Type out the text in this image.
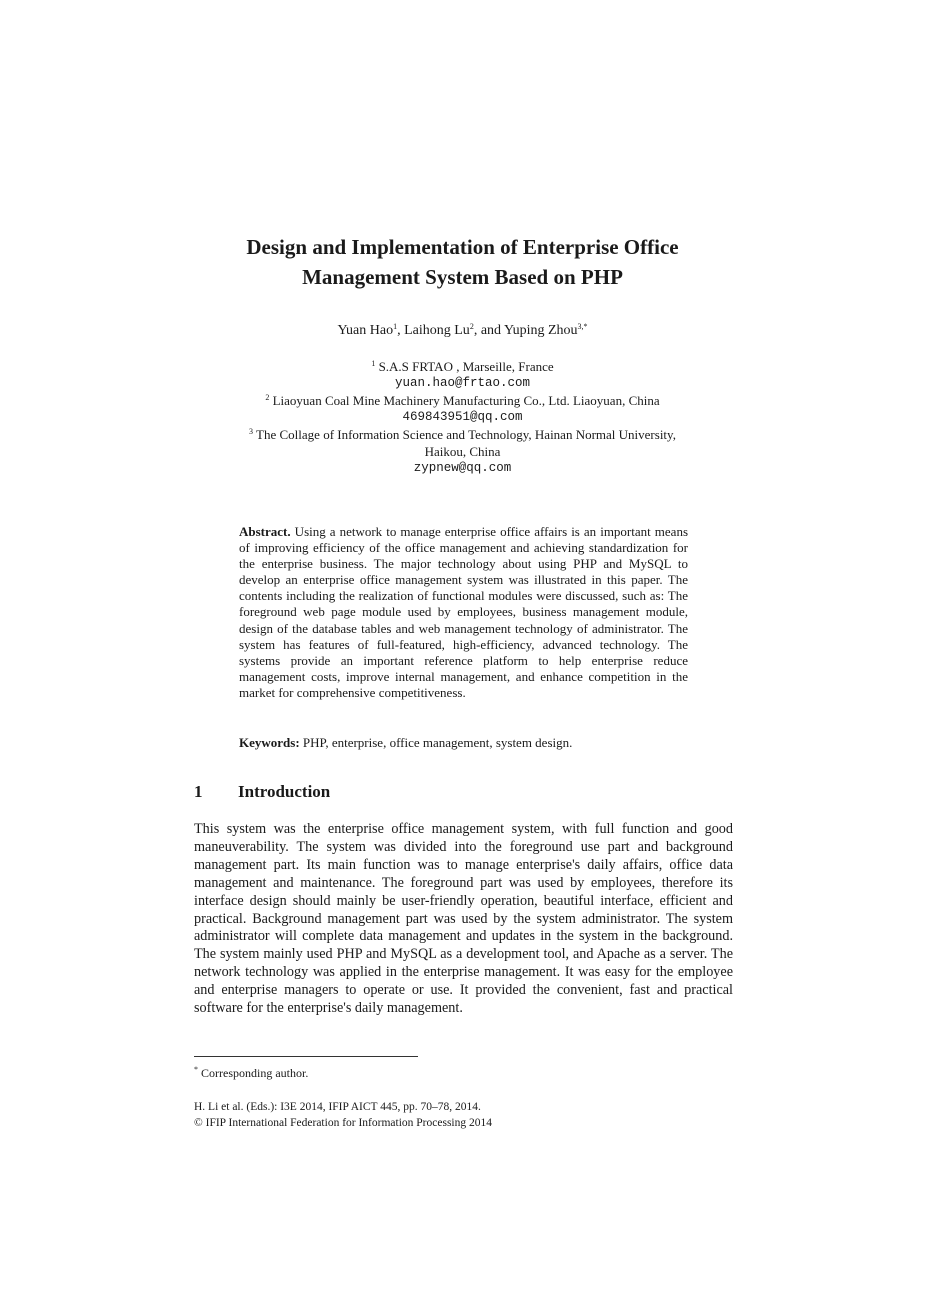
Design and Implementation of Enterprise Office
Management System Based on PHP
Yuan Hao$^1$, Laihong Lu$^2$, and Yuping Zhou$^{3,*}$
$^1$ S.A.S FRTAO , Marseille, France
yuan.hao@frtao.com
$^2$ Liaoyuan Coal Mine Machinery Manufacturing Co., Ltd. Liaoyuan, China
469843951@qq.com
$^3$ The Collage of Information Science and Technology, Hainan Normal University,
Haikou, China
zypnew@qq.com

Abstract. Using a network to manage enterprise office affairs is an important means of improving efficiency of the office management and achieving standardization for the enterprise business. The major technology about using PHP and MySQL to develop an enterprise office management system was illustrated in this paper. The contents including the realization of functional modules were discussed, such as: The foreground web page module used by employees, business management module, design of the database tables and web management technology of administrator. The system has features of full-featured, high-efficiency, advanced technology. The systems provide an important reference platform to help enterprise reduce management costs, improve internal management, and enhance competition in the market for comprehensive competitiveness.

Keywords: PHP, enterprise, office management, system design.

1 Introduction

This system was the enterprise office management system, with full function and good maneuverability. The system was divided into the foreground use part and background management part. Its main function was to manage enterprise's daily affairs, office data management and maintenance. The foreground part was used by employees, therefore its interface design should mainly be user-friendly operation, beautiful interface, efficient and practical. Background management part was used by the system administrator. The system administrator will complete data management and updates in the system in the background. The system mainly used PHP and MySQL as a development tool, and Apache as a server. The network technology was applied in the enterprise management. It was easy for the employee and enterprise managers to operate or use. It provided the convenient, fast and practical software for the enterprise's daily management.

* Corresponding author.
H. Li et al. (Eds.): I3E 2014, IFIP AICT 445, pp. 70–78, 2014.
© IFIP International Federation for Information Processing 2014
